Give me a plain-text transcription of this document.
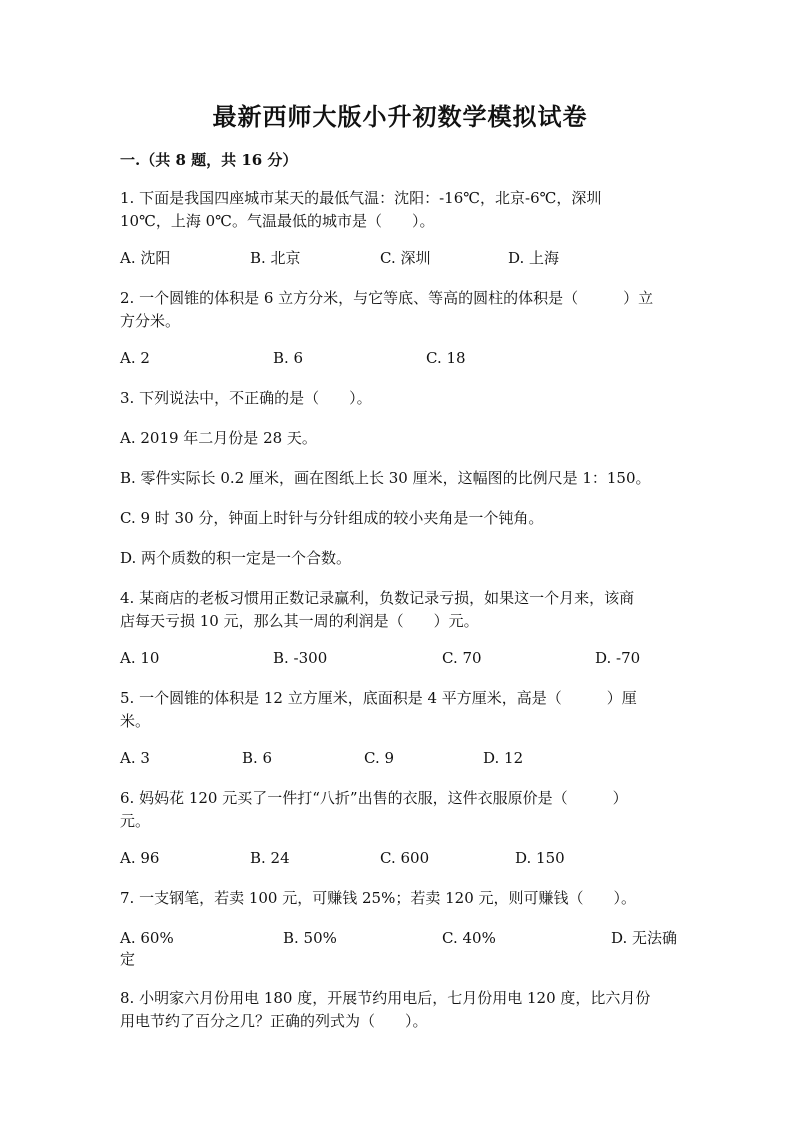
最新西师大版小升初数学模拟试卷
一.（共 8 题，共 16 分）
1. 下面是我国四座城市某天的最低气温：沈阳：-16℃，北京-6℃，深圳
10℃，上海 0℃。气温最低的城市是（　　）。
A. 沈阳	B. 北京	C. 深圳	D. 上海
2. 一个圆锥的体积是 6 立方分米，与它等底、等高的圆柱的体积是（　　　）立
方分米。
A. 2	B. 6	C. 18
3. 下列说法中，不正确的是（　　）。
A. 2019 年二月份是 28 天。
B. 零件实际长 0.2 厘米，画在图纸上长 30 厘米，这幅图的比例尺是 1：150。
C. 9 时 30 分，钟面上时针与分针组成的较小夹角是一个钝角。
D. 两个质数的积一定是一个合数。
4. 某商店的老板习惯用正数记录赢利，负数记录亏损，如果这一个月来，该商
店每天亏损 10 元，那么其一周的利润是（　　）元。
A. 10	B. -300	C. 70	D. -70
5. 一个圆锥的体积是 12 立方厘米，底面积是 4 平方厘米，高是（　　　）厘
米。
A. 3	B. 6	C. 9	D. 12
6. 妈妈花 120 元买了一件打“八折”出售的衣服，这件衣服原价是（　　　）
元。
A. 96	B. 24	C. 600	D. 150
7. 一支钢笔，若卖 100 元，可赚钱 25%；若卖 120 元，则可赚钱（　　）。
A. 60%	B. 50%	C. 40%	D. 无法确
定
8. 小明家六月份用电 180 度，开展节约用电后，七月份用电 120 度，比六月份
用电节约了百分之几？正确的列式为（　　）。
